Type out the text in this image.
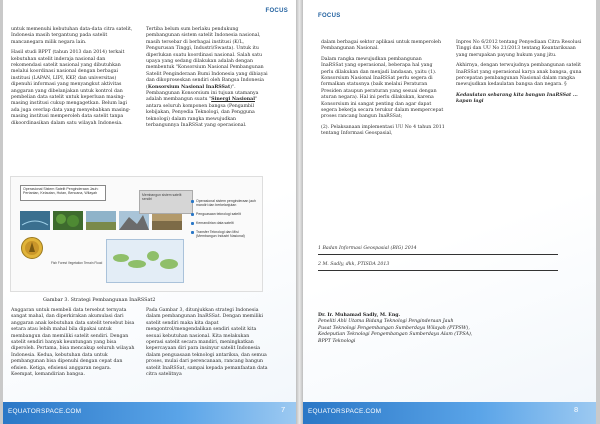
FOCUS

untuk memenuhi kebutuhan data-data citra satelit, Indonesia masih tergantung pada satelit mancanegara milik negara lain.

Hasil studi BPPT (tahun 2013 dan 2014) terkait kebutuhan satelit inderaja nasional dan rekomendasi satelit nasional yang dibutuhkan melalui koordinasi nasional dengan berbagai institusi (LAPAN, LIPI, KKP, dan universitas) dipenuhi informasi yang menyangkut aktivitas anggaran yang dibelanjakan untuk kontrol dan pembelian data satelit untuk keperluan masing-masing institusi cukup mengagetkan. Belum lagi ada juga overlap data yang menyebabkan masing-masing institusi memperoleh data satelit tanpa dikoordinasikan dalam satu wilayah Indonesia.

Tertiba belum sum berlaku pendukung pembangunan sistem satelit Indonesia nasional, masih tersebar di berbagai institusi (K/L, Pengurusan Tinggi, Industri/Swasta). Untuk itu diperlukan suatu koordinasi nasional. Salah satu upaya yang sedang dilakukan adalah dengan membentuk "Konsorsium Nasional Pembangunan Satelit Penginderaan Bumi Indonesia yang dibiayai dan dikoproseskan sendiri oleh Bangsa Indonesia (Konsorsium Nasional InaRSSat)". Pembangunan Konsorsium ini tujuan utamanya adalah membangun suatu "Sinergi Nasional" antara seluruh komponen bangsa (Pengambil kebijakan, Penyedia Teknologi, dan Pengguna teknologi) dalam rangka mewujudkan terbangunnya InaRSSat yang operasional.

Operasional Sistem Satelit Penginderaan Jauh: Pertanian, Kelautan, Hutan, Bencana, Wilayah	Membangun sistem satelit sendiri	Operasional sistem penginderaan jauh mandiri dan berkelanjutan
Penguasaan teknologi satelit
Kemandirian data satelit
Transfer Teknologi dan Misi (Membangun Industri Nasional)
Fish Forest Vegetation Terrain Flood
Gambar 3. Strategi Pembangunan InaRSSat2

Anggaran untuk membeli data tersebut ternyata sangat mahal, dan diperkirakan akumulasi dari anggaran anak kebutuhan data satelit tersebut bisa setara atau lebih mahal bila dipakai untuk membangun dan memiliki satelit sendiri. Dengan satelit sendiri banyak keuntungan yang bisa diperoleh. Pertama, bisa mencakup seluruh wilayah Indonesia. Kedua, kebutuhan data untuk pembangunan bisa dipenuhi dengan cepat dan efisien. Ketiga, efisiensi anggaran negara. Keempat, kemandirian bangsa.

Pada Gambar 3, ditunjukkan strategi Indonesia dalam pembangunan InaRSSat. Dengan memiliki satelit sendiri maka kita dapat mengontrol/mengendalikan sendiri satelit kita sesuai kebutuhan nasional. Kita melakukan operasi satelit secara mandiri, meningkatkan kepercayaan diri para insinyur satelit Indonesia dalam penguasaan teknologi antariksa, dan semua proses, mulai dari perencanaan, rancang bangun satelit InaRSSat, sampai kepada pemanfaatan data citra satelitnya

EQUATORSPACE.COM	7
FOCUS

dalam berbagai sektor aplikasi untuk memperoleh Pembangunan Nasional.

Dalam rangka mewujudkan pembangunan InaRSSat yang operasional, beberapa hal yang perlu dilakukan dan menjadi landasan, yaitu (1). Konsorsium Nasional InaRSSat perlu segera di formalkan statusnya (baik melalui Peraturan Presiden ataupun peraturan yang sesuai dengan aturan negara). Hal ini perlu dilakukan, karena Konsorsium ini sangat penting dan agar dapat segera bekerja secara terukur dalam mempercepat proses rancang bangun InaRSSat;

(2). Pelaksanaan implementasi UU No 4 tahun 2011 tentang Informasi Geospasial,

Inpres No 6/2012 tentang Penyediaan Citra Resolusi Tinggi dan UU No 21/2013 tentang Keantariksaan yang merupakan payung hukum yang jitu.

Akhirnya, dengan terwujudnya pembangunan satelit InaRSSat yang operasional karya anak bangsa, guna percepatan pembangunan Nasional dalam rangka mewujudkan kedaulatan bangsa dan negara. §

Kedaulatan sebarang kita bangun InaRSSat ... kapan lagi

1 Badan Informasi Geospasial (BIG) 2014
2 M. Sadly, dkk, PTISDA 2013
Dr. Ir. Muhamad Sadly, M. Eng.
Peneliti Ahli Utama Bidang Teknologi Penginderaan Jauh
Pusat Teknologi Pengembangan Sumberdaya Wilayah (PTPSW),
Kedeputian Teknologi Pengembangan Sumberdaya Alam (TPSA),
BPPT Teknologi
EQUATORSPACE.COM	8
